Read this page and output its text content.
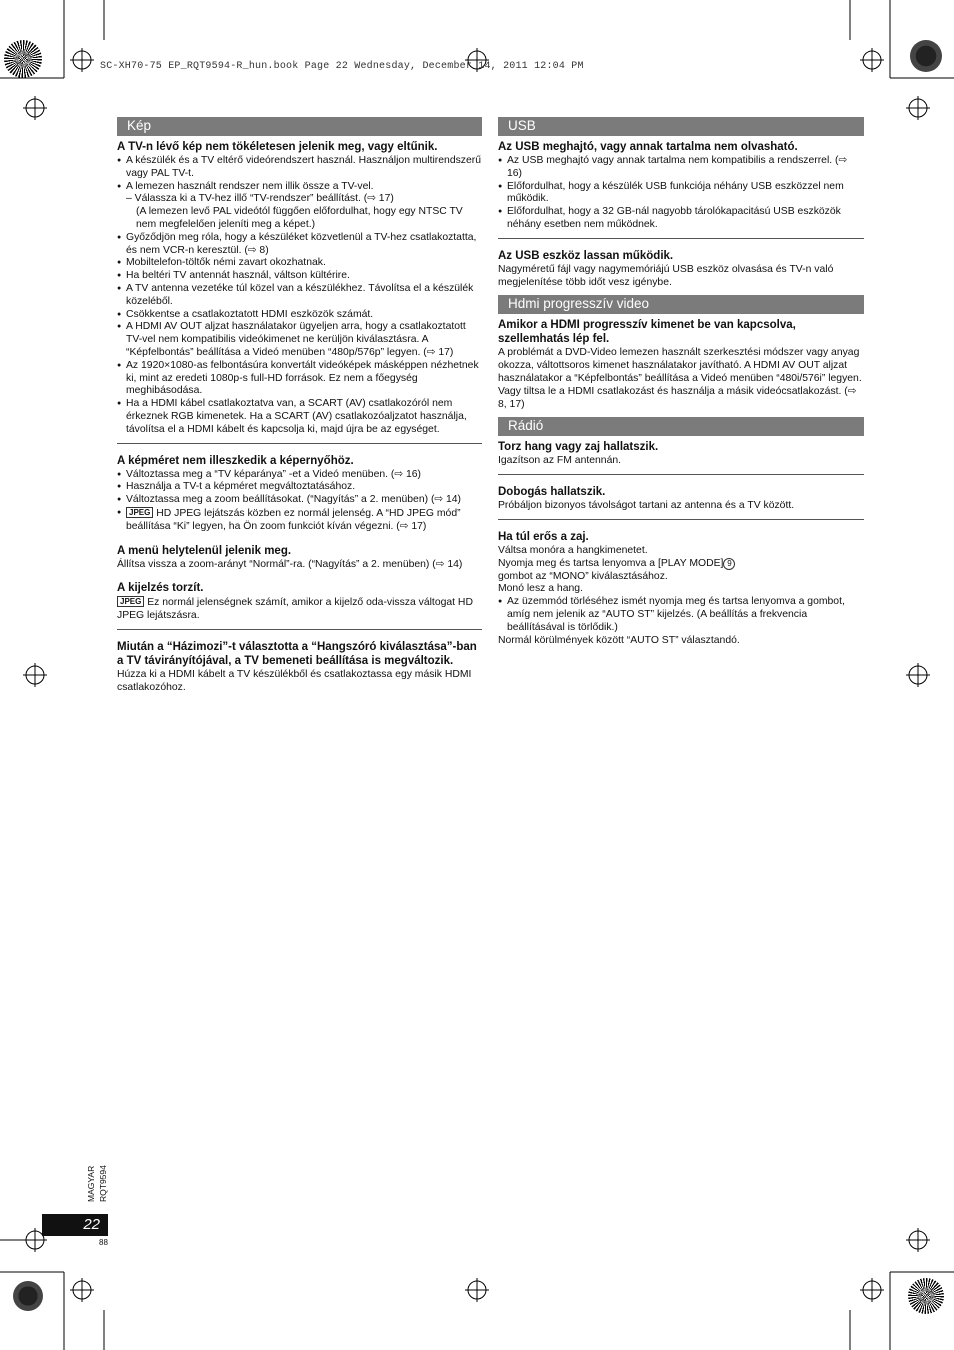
SC-XH70-75 EP_RQT9594-R_hun.book Page 22 Wednesday, December 14, 2011 12:04 PM
Kép
A TV-n lévő kép nem tökéletesen jelenik meg, vagy eltűnik.
● A készülék és a TV eltérő videórendszert használ. Használjon multirendszerű vagy PAL TV-t.
● A lemezen használt rendszer nem illik össze a TV-vel.
– Válassza ki a TV-hez illő “TV-rendszer” beállítást. (⇨ 17)
(A lemezen levő PAL videótól függően előfordulhat, hogy egy NTSC TV nem megfelelően jeleníti meg a képet.)
● Győződjön meg róla, hogy a készüléket közvetlenül a TV-hez csatlakoztatta, és nem VCR-n keresztül. (⇨ 8)
● Mobiltelefon-töltők némi zavart okozhatnak.
● Ha beltéri TV antennát használ, váltson kültérire.
● A TV antenna vezetéke túl közel van a készülékhez. Távolítsa el a készülék közeléből.
● Csökkentse a csatlakoztatott HDMI eszközök számát.
● A HDMI AV OUT aljzat használatakor ügyeljen arra, hogy a csatlakoztatott TV-vel nem kompatibilis videókimenet ne kerüljön kiválasztásra. A “Képfelbontás” beállítása a Videó menüben “480p/576p” legyen. (⇨ 17)
● Az 1920×1080-as felbontásúra konvertált videóképek másképpen nézhetnek ki, mint az eredeti 1080p-s full-HD források. Ez nem a főegység meghibásodása.
● Ha a HDMI kábel csatlakoztatva van, a SCART (AV) csatlakozóról nem érkeznek RGB kimenetek. Ha a SCART (AV) csatlakozóaljzatot használja, távolítsa el a HDMI kábelt és kapcsolja ki, majd újra be az egységet.
A képméret nem illeszkedik a képernyőhöz.
● Változtassa meg a “TV képaránya” -et a Videó menüben. (⇨ 16)
● Használja a TV-t a képméret megváltoztatásához.
● Változtassa meg a zoom beállításokat. (“Nagyítás” a 2. menüben) (⇨ 14)
● JPEG HD JPEG lejátszás közben ez normál jelenség. A “HD JPEG mód” beállítása “Ki” legyen, ha Ön zoom funkciót kíván végezni. (⇨ 17)
A menü helytelenül jelenik meg.
Állítsa vissza a zoom-arányt “Normál”-ra. (“Nagyítás” a 2. menüben) (⇨ 14)
A kijelzés torzít.
JPEG Ez normál jelenségnek számít, amikor a kijelző oda-vissza váltogat HD JPEG lejátszásra.
Miután a “Házimozi”-t választotta a “Hangszóró kiválasztása”-ban a TV távirányítójával, a TV bemeneti beállítása is megváltozik.
Húzza ki a HDMI kábelt a TV készülékből és csatlakoztassa egy másik HDMI csatlakozóhoz.
USB
Az USB meghajtó, vagy annak tartalma nem olvasható.
● Az USB meghajtó vagy annak tartalma nem kompatibilis a rendszerrel. (⇨ 16)
● Előfordulhat, hogy a készülék USB funkciója néhány USB eszközzel nem működik.
● Előfordulhat, hogy a 32 GB-nál nagyobb tárolókapacitású USB eszközök néhány esetben nem működnek.
Az USB eszköz lassan működik.
Nagyméretű fájl vagy nagymemóriájú USB eszköz olvasása és TV-n való megjelenítése több időt vesz igénybe.
Hdmi progresszív video
Amikor a HDMI progresszív kimenet be van kapcsolva, szellemhatás lép fel.
A problémát a DVD-Video lemezen használt szerkesztési módszer vagy anyag okozza, váltottsoros kimenet használatakor javítható. A HDMI AV OUT aljzat használatakor a “Képfelbontás” beállítása a Videó menüben “480i/576i” legyen. Vagy tiltsa le a HDMI csatlakozást és használja a másik videócsatlakozást. (⇨ 8, 17)
Rádió
Torz hang vagy zaj hallatszik.
Igazítson az FM antennán.
Dobogás hallatszik.
Próbáljon bizonyos távolságot tartani az antenna és a TV között.
Ha túl erős a zaj.
Váltsa monóra a hangkimenetet.
Nyomja meg és tartsa lenyomva a [PLAY MODE] 9
gombot az “MONO” kiválasztásához.
Monó lesz a hang.
● Az üzemmód törléséhez ismét nyomja meg és tartsa lenyomva a gombot, amíg nem jelenik az “AUTO ST” kijelzés. (A beállítás a frekvencia beállításával is törlődik.)
Normál körülmények között “AUTO ST” választandó.
MAGYAR RQT9594
22
88
